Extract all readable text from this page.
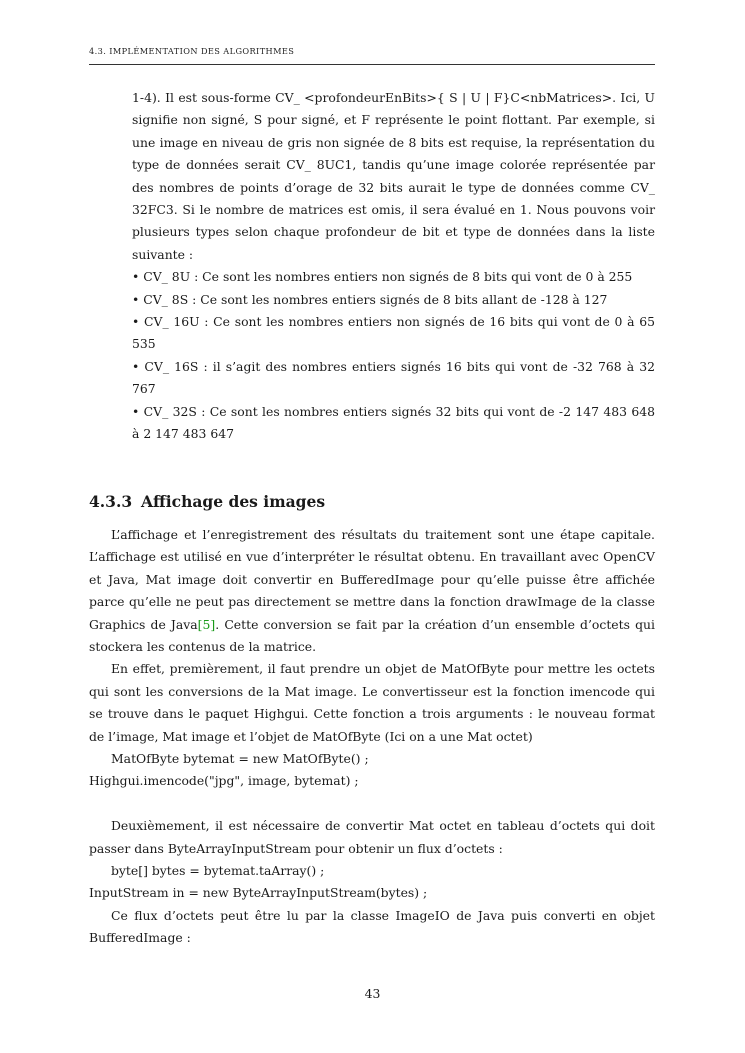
4.3. IMPLÉMENTATION DES ALGORITHMES

1-4). Il est sous-forme CV_ <profondeurEnBits>{ S | U | F}C<nbMatrices>. Ici, U signifie non signé, S pour signé, et F représente le point flottant. Par exemple, si une image en niveau de gris non signée de 8 bits est requise, la représentation du type de données serait CV_ 8UC1, tandis qu’une image colorée représentée par des nombres de points d’orage de 32 bits aurait le type de données comme CV_ 32FC3. Si le nombre de matrices est omis, il sera évalué en 1. Nous pouvons voir plusieurs types selon chaque profondeur de bit et type de données dans la liste suivante :

• CV_ 8U : Ce sont les nombres entiers non signés de 8 bits qui vont de 0 à 255

• CV_ 8S : Ce sont les nombres entiers signés de 8 bits allant de -128 à 127

• CV_ 16U : Ce sont les nombres entiers non signés de 16 bits qui vont de 0 à 65 535

• CV_ 16S : il s’agit des nombres entiers signés 16 bits qui vont de -32 768 à 32 767

• CV_ 32S : Ce sont les nombres entiers signés 32 bits qui vont de -2 147 483 648 à 2 147 483 647

4.3.3 Affichage des images

L’affichage et l’enregistrement des résultats du traitement sont une étape capitale. L’affichage est utilisé en vue d’interpréter le résultat obtenu. En travaillant avec OpenCV et Java, Mat image doit convertir en BufferedImage pour qu’elle puisse être affichée parce qu’elle ne peut pas directement se mettre dans la fonction drawImage de la classe Graphics de Java[5]. Cette conversion se fait par la création d’un ensemble d’octets qui stockera les contenus de la matrice.

En effet, premièrement, il faut prendre un objet de MatOfByte pour mettre les octets qui sont les conversions de la Mat image. Le convertisseur est la fonction imencode qui se trouve dans le paquet Highgui. Cette fonction a trois arguments : le nouveau format de l’image, Mat image et l’objet de MatOfByte (Ici on a une Mat octet)

MatOfByte bytemat = new MatOfByte() ;

Highgui.imencode("jpg", image, bytemat) ;

Deuxièmement, il est nécessaire de convertir Mat octet en tableau d’octets qui doit passer dans ByteArrayInputStream pour obtenir un flux d’octets :

byte[] bytes = bytemat.taArray() ;

InputStream in = new ByteArrayInputStream(bytes) ;

Ce flux d’octets peut être lu par la classe ImageIO de Java puis converti en objet BufferedImage :

43
